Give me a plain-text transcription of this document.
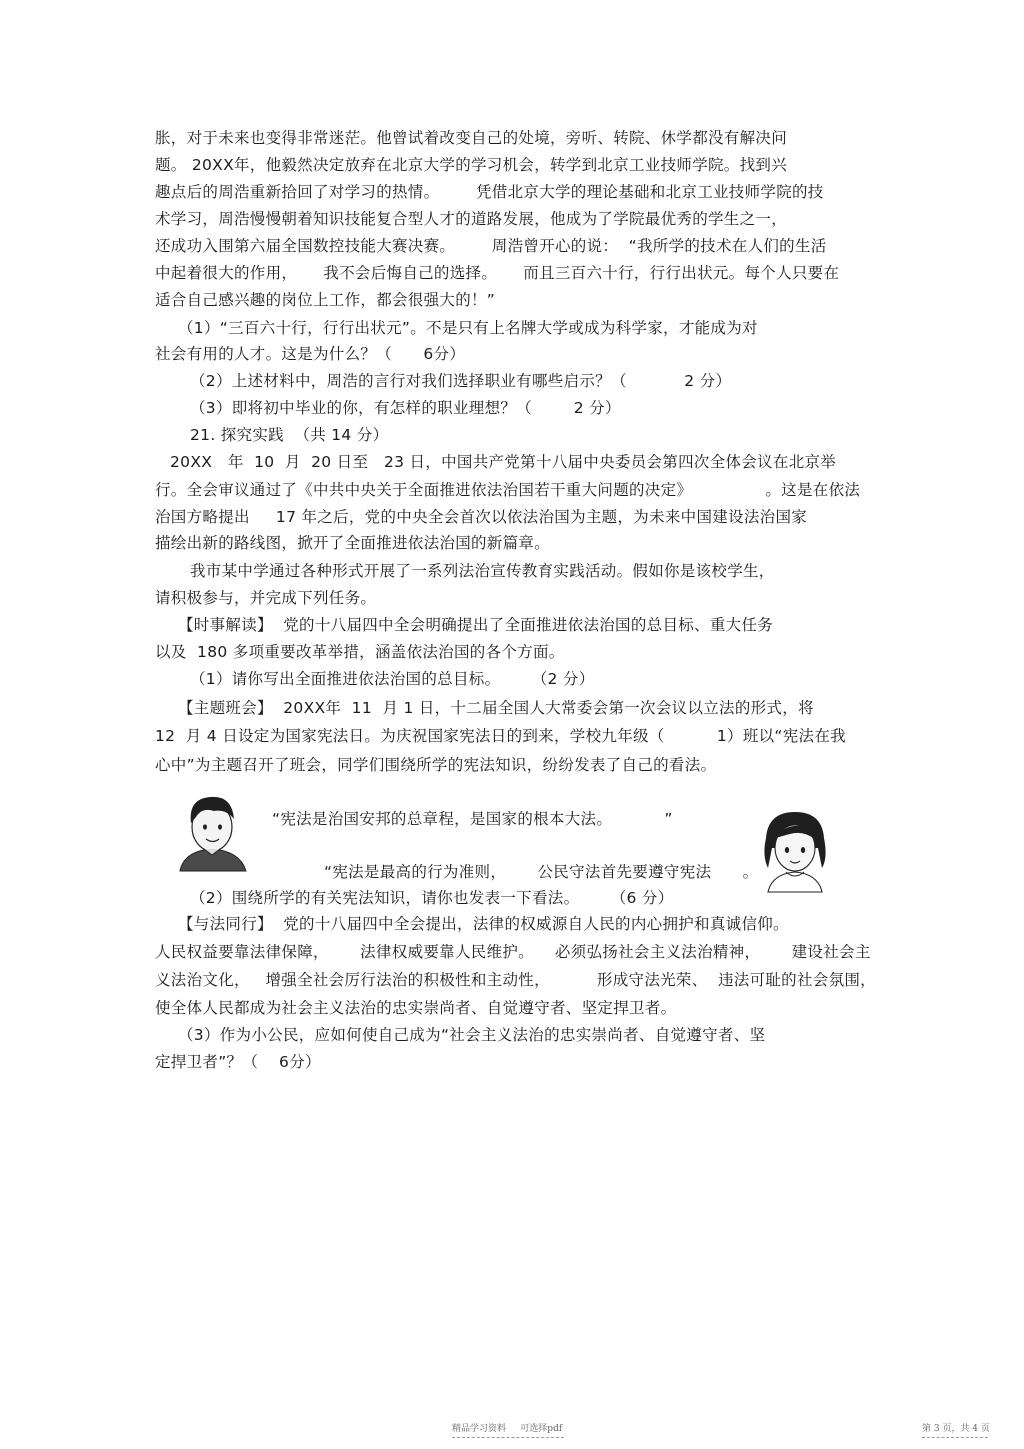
胀，对于未来也变得非常迷茫。他曾试着改变自己的处境，旁听、转院、休学都没有解决问
题。 20XX年，他毅然决定放弃在北京大学的学习机会，转学到北京工业技师学院。找到兴
趣点后的周浩重新拾回了对学习的热情。       凭借北京大学的理论基础和北京工业技师学院的技
术学习，周浩慢慢朝着知识技能复合型人才的道路发展，他成为了学院最优秀的学生之一，
还成功入围第六届全国数控技能大赛决赛。       周浩曾开心的说：  “我所学的技术在人们的生活
中起着很大的作用，     我不会后悔自己的选择。     而且三百六十行，行行出状元。每个人只要在
适合自己感兴趣的岗位上工作，都会很强大的！”
（1）“三百六十行，行行出状元”。不是只有上名牌大学或成为科学家，才能成为对
社会有用的人才。这是为什么？（      6分）
（2）上述材料中，周浩的言行对我们选择职业有哪些启示？（           2 分）
（3）即将初中毕业的你，有怎样的职业理想？（        2 分）
21. 探究实践  （共 14 分）
20XX   年  10  月  20 日至   23 日，中国共产党第十八届中央委员会第四次全体会议在北京举
行。全会审议通过了《中共中央关于全面推进依法治国若干重大问题的决定》              。这是在依法
治国方略提出     17 年之后，党的中央全会首次以依法治国为主题，为未来中国建设法治国家
描绘出新的路线图，掀开了全面推进依法治国的新篇章。
我市某中学通过各种形式开展了一系列法治宣传教育实践活动。假如你是该校学生，
请积极参与，并完成下列任务。
【时事解读】  党的十八届四中全会明确提出了全面推进依法治国的总目标、重大任务
以及  180 多项重要改革举措，涵盖依法治国的各个方面。
（1）请你写出全面推进依法治国的总目标。      （2 分）
【主题班会】  20XX年  11  月 1 日，十二届全国人大常委会第一次会议以立法的形式，将
12  月 4 日设定为国家宪法日。为庆祝国家宪法日的到来，学校九年级（          1）班以“宪法在我
心中”为主题召开了班会，同学们围绕所学的宪法知识，纷纷发表了自己的看法。
“宪法是治国安邦的总章程，是国家的根本大法。          ”
“宪法是最高的行为准则，      公民守法首先要遵守宪法      。
（2）围绕所学的有关宪法知识，请你也发表一下看法。      （6 分）
【与法同行】  党的十八届四中全会提出，法律的权威源自人民的内心拥护和真诚信仰。
人民权益要靠法律保障，      法律权威要靠人民维护。    必须弘扬社会主义法治精神，      建设社会主
义法治文化，   增强全社会厉行法治的积极性和主动性，         形成守法光荣、  违法可耻的社会氛围，
使全体人民都成为社会主义法治的忠实崇尚者、自觉遵守者、坚定捍卫者。
（3）作为小公民，应如何使自己成为“社会主义法治的忠实崇尚者、自觉遵守者、坚
定捍卫者”？（    6分）
精品学习资料     可选择pdf	第 3 页，共 4 页
